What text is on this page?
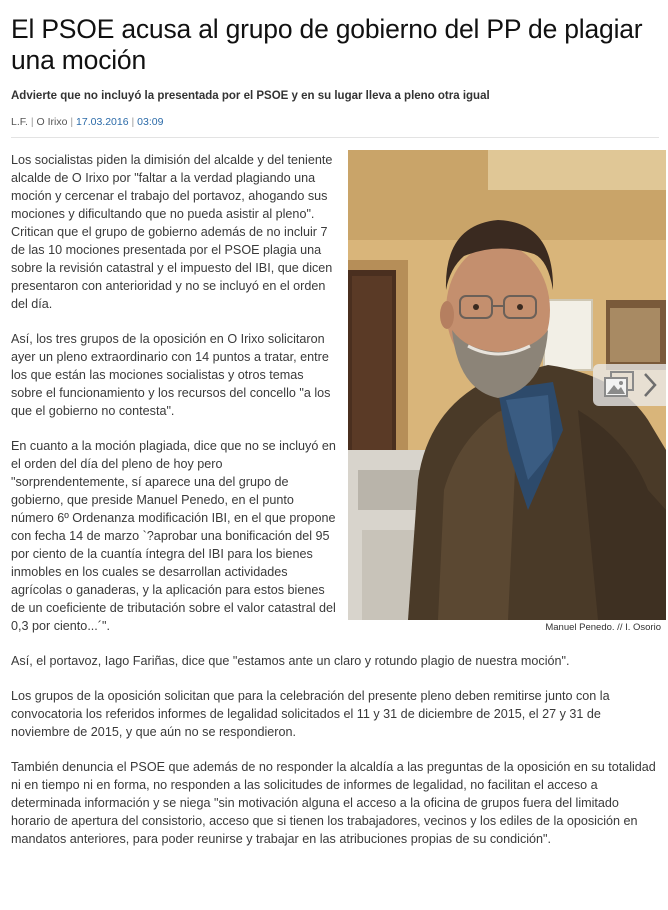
El PSOE acusa al grupo de gobierno del PP de plagiar una moción
Advierte que no incluyó la presentada por el PSOE y en su lugar lleva a pleno otra igual
L.F. | O Irixo | 17.03.2016 | 03:09
Manuel Penedo. // I. Osorio

Los socialistas piden la dimisión del alcalde y del teniente alcalde de O Irixo por "faltar a la verdad plagiando una moción y cercenar el trabajo del portavoz, ahogando sus mociones y dificultando que no pueda asistir al pleno". Critican que el grupo de gobierno además de no incluir 7 de las 10 mociones presentada por el PSOE plagia una sobre la revisión catastral y el impuesto del IBI, que dicen presentaron con anterioridad y no se incluyó en el orden del día.

Así, los tres grupos de la oposición en O Irixo solicitaron ayer un pleno extraordinario con 14 puntos a tratar, entre los que están las mociones socialistas y otros temas sobre el funcionamiento y los recursos del concello "a los que el gobierno no contesta".

En cuanto a la moción plagiada, dice que no se incluyó en el orden del día del pleno de hoy pero "sorprendentemente, sí aparece una del grupo de gobierno, que preside Manuel Penedo, en el punto número 6º Ordenanza modificación IBI, en el que propone con fecha 14 de marzo `?aprobar una bonificación del 95 por ciento de la cuantía íntegra del IBI para los bienes inmobles en los cuales se desarrollan actividades agrícolas o ganaderas, y la aplicación para estos bienes de un coeficiente de tributación sobre el valor catastral del 0,3 por ciento...´".

Así, el portavoz, Iago Fariñas, dice que "estamos ante un claro y rotundo plagio de nuestra moción".

Los grupos de la oposición solicitan que para la celebración del presente pleno deben remitirse junto con la convocatoria los referidos informes de legalidad solicitados el 11 y 31 de diciembre de 2015, el 27 y 31 de noviembre de 2015, y que aún no se respondieron.

También denuncia el PSOE que además de no responder la alcaldía a las preguntas de la oposición en su totalidad ni en tiempo ni en forma, no responden a las solicitudes de informes de legalidad, no facilitan el acceso a determinada información y se niega "sin motivación alguna el acceso a la oficina de grupos fuera del limitado horario de apertura del consistorio, acceso que si tienen los trabajadores, vecinos y los ediles de la oposición en mandatos anteriores, para poder reunirse y trabajar en las atribuciones propias de su condición".
